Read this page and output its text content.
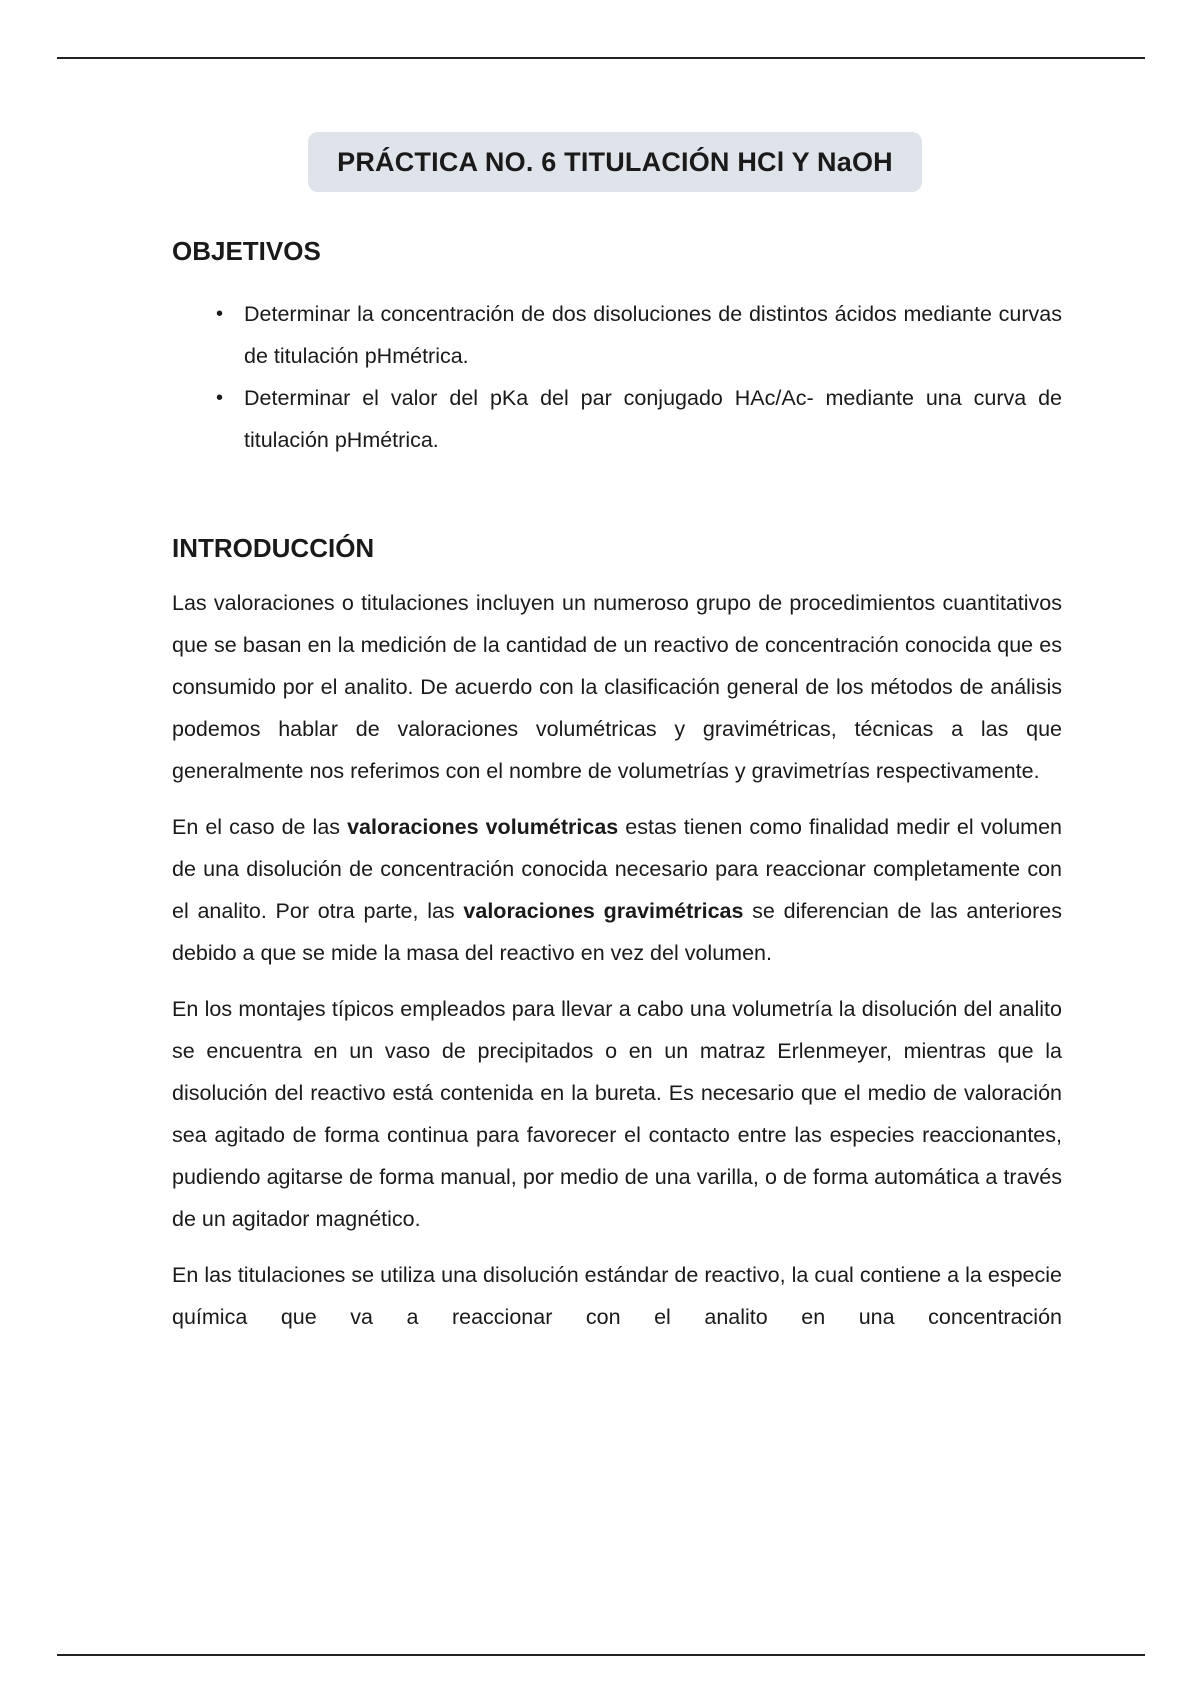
PRÁCTICA NO. 6 TITULACIÓN HCl Y NaOH
OBJETIVOS
• Determinar la concentración de dos disoluciones de distintos ácidos mediante curvas de titulación pHmétrica.
• Determinar el valor del pKa del par conjugado HAc/Ac- mediante una curva de titulación pHmétrica.
INTRODUCCIÓN

Las valoraciones o titulaciones incluyen un numeroso grupo de procedimientos cuantitativos que se basan en la medición de la cantidad de un reactivo de concentración conocida que es consumido por el analito. De acuerdo con la clasificación general de los métodos de análisis podemos hablar de valoraciones volumétricas y gravimétricas, técnicas a las que generalmente nos referimos con el nombre de volumetrías y gravimetrías respectivamente.

En el caso de las valoraciones volumétricas estas tienen como finalidad medir el volumen de una disolución de concentración conocida necesario para reaccionar completamente con el analito. Por otra parte, las valoraciones gravimétricas se diferencian de las anteriores debido a que se mide la masa del reactivo en vez del volumen.

En los montajes típicos empleados para llevar a cabo una volumetría la disolución del analito se encuentra en un vaso de precipitados o en un matraz Erlenmeyer, mientras que la disolución del reactivo está contenida en la bureta. Es necesario que el medio de valoración sea agitado de forma continua para favorecer el contacto entre las especies reaccionantes, pudiendo agitarse de forma manual, por medio de una varilla, o de forma automática a través de un agitador magnético.

En las titulaciones se utiliza una disolución estándar de reactivo, la cual contiene a la especie química que va a reaccionar con el analito en una concentración
